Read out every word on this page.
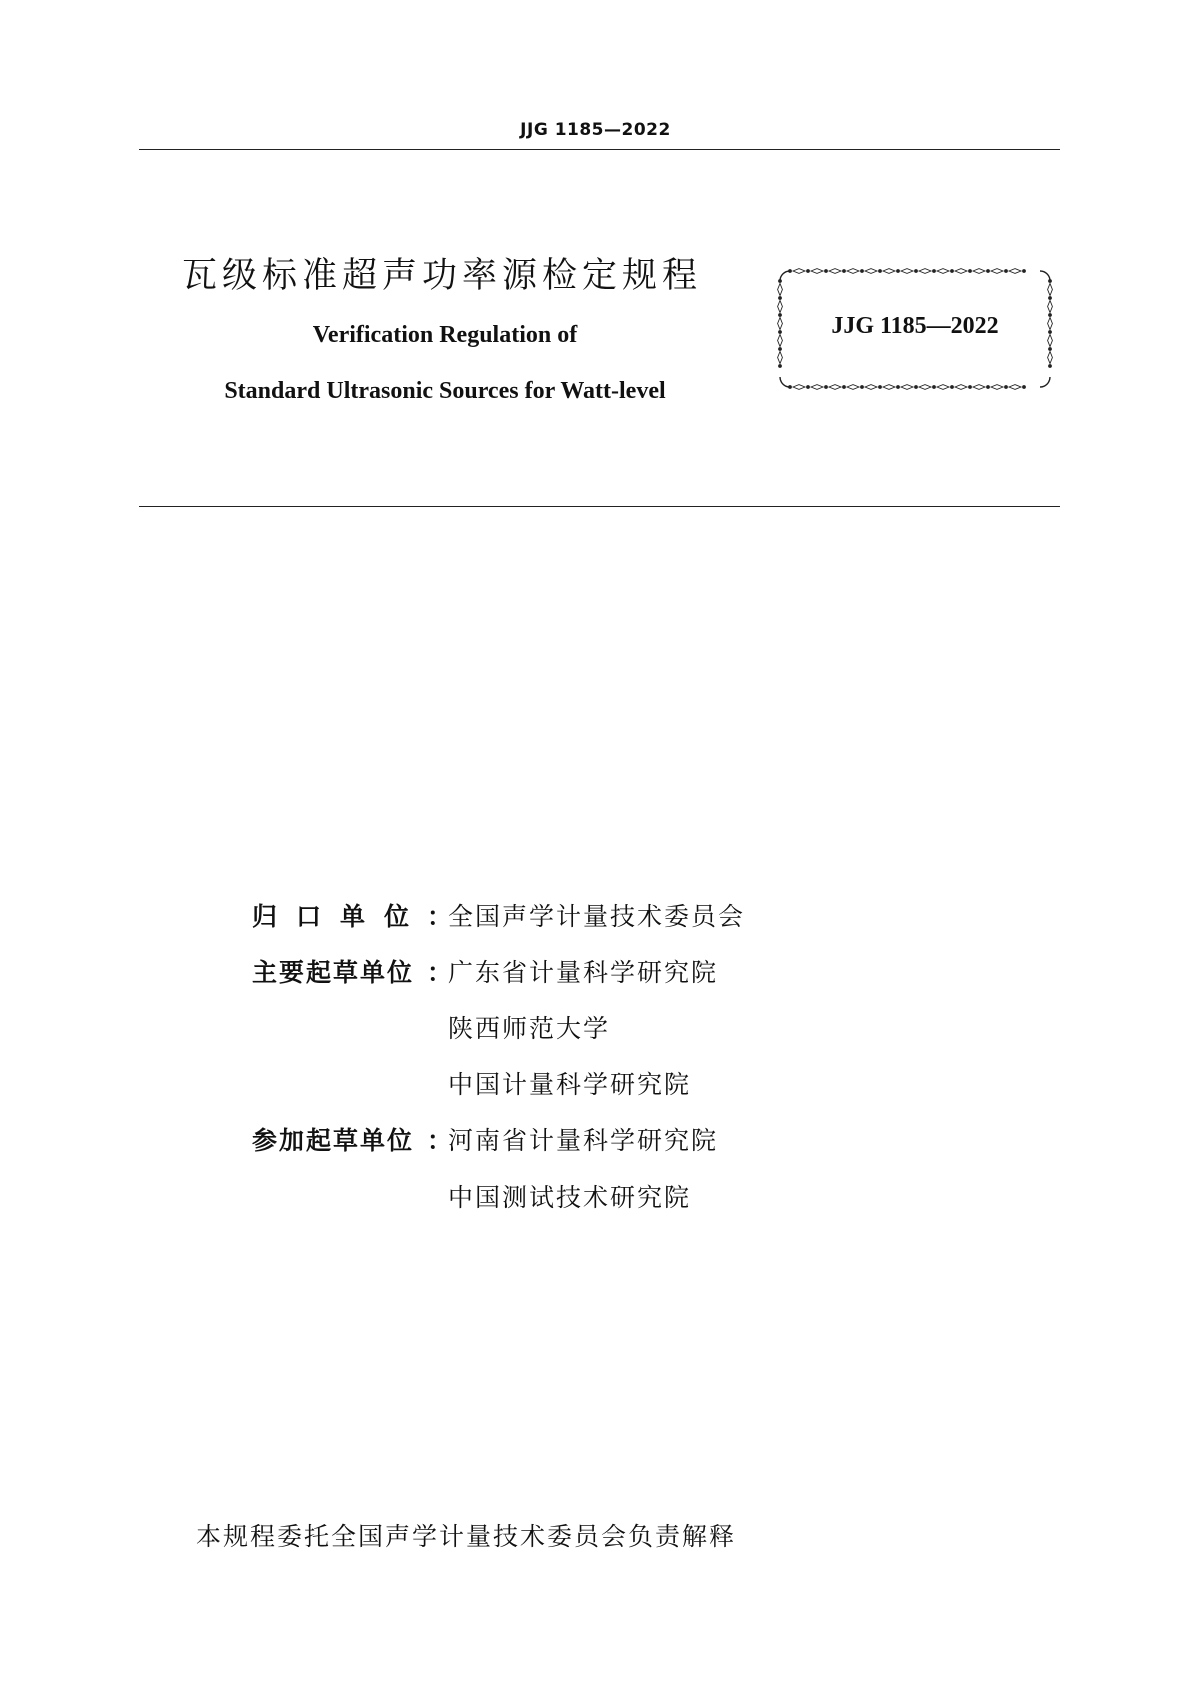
JJG 1185—2022
瓦级标准超声功率源检定规程
Verification Regulation of
Standard Ultrasonic Sources for Watt-level
JJG 1185—2022
归口单位
：
全国声学计量技术委员会
主要起草单位 ：
广东省计量科学研究院
陕西师范大学
中国计量科学研究院
参加起草单位 ：
河南省计量科学研究院
中国测试技术研究院
本规程委托全国声学计量技术委员会负责解释
